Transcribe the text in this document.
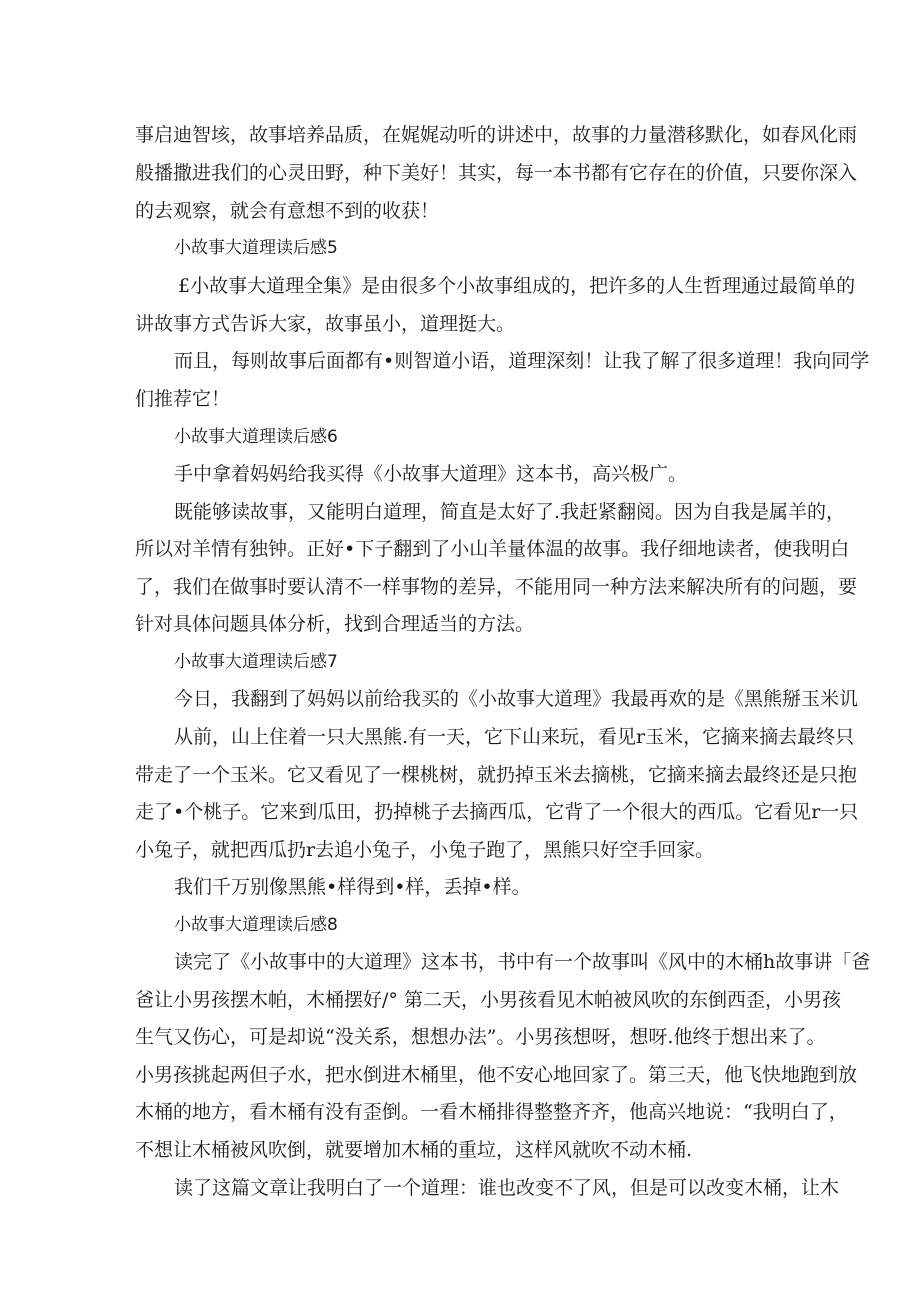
事启迪智垓，故事培养品质，在娓娓动听的讲述中，故事的力量潜移默化，如春风化雨
般播撒进我们的心灵田野，种下美好！其实，每一本书都有它存在的价值，只要你深入
的去观察，就会有意想不到的收获！
小故事大道理读后感5
£小故事大道理全集》是由很多个小故事组成的，把许多的人生哲理通过最简单的
讲故事方式告诉大家，故事虽小，道理挺大。
而且，每则故事后面都有•则智道小语，道理深刻！让我了解了很多道理！我向同学
们推荐它！
小故事大道理读后感6
手中拿着妈妈给我买得《小故事大道理》这本书，高兴极广。
既能够读故事，又能明白道理，简直是太好了.我赶紧翻阅。因为自我是属羊的，
所以对羊情有独钟。正好•下子翻到了小山羊量体温的故事。我仔细地读者，使我明白
了，我们在做事时要认清不一样事物的差异，不能用同一种方法来解决所有的问题，要
针对具体问题具体分析，找到合理适当的方法。
小故事大道理读后感7
今日，我翻到了妈妈以前给我买的《小故事大道理》我最再欢的是《黑熊掰玉米讥
从前，山上住着一只大黑熊.有一天，它下山来玩，看见r玉米，它摘来摘去最终只
带走了一个玉米。它又看见了一棵桃树，就扔掉玉米去摘桃，它摘来摘去最终还是只抱
走了•个桃子。它来到瓜田，扔掉桃子去摘西瓜，它背了一个很大的西瓜。它看见r一只
小兔子，就把西瓜扔r去追小兔子，小兔子跑了，黑熊只好空手回家。
我们千万别像黑熊•样得到•样，丢掉•样。
小故事大道理读后感8
读完了《小故事中的大道理》这本书，书中有一个故事叫《风中的木桶h故事讲「爸
爸让小男孩摆木帕，木桶摆好/° 第二天，小男孩看见木帕被风吹的东倒西歪，小男孩
生气又伤心，可是却说“没关系，想想办法”。小男孩想呀，想呀.他终于想出来了。
小男孩挑起两但子水，把水倒进木桶里，他不安心地回家了。第三天，他飞快地跑到放
木桶的地方，看木桶有没有歪倒。一看木桶排得整整齐齐，他高兴地说：“我明白了，
不想让木桶被风吹倒，就要增加木桶的重垃，这样风就吹不动木桶.
读了这篇文章让我明白了一个道理：谁也改变不了风，但是可以改变木桶，让木
